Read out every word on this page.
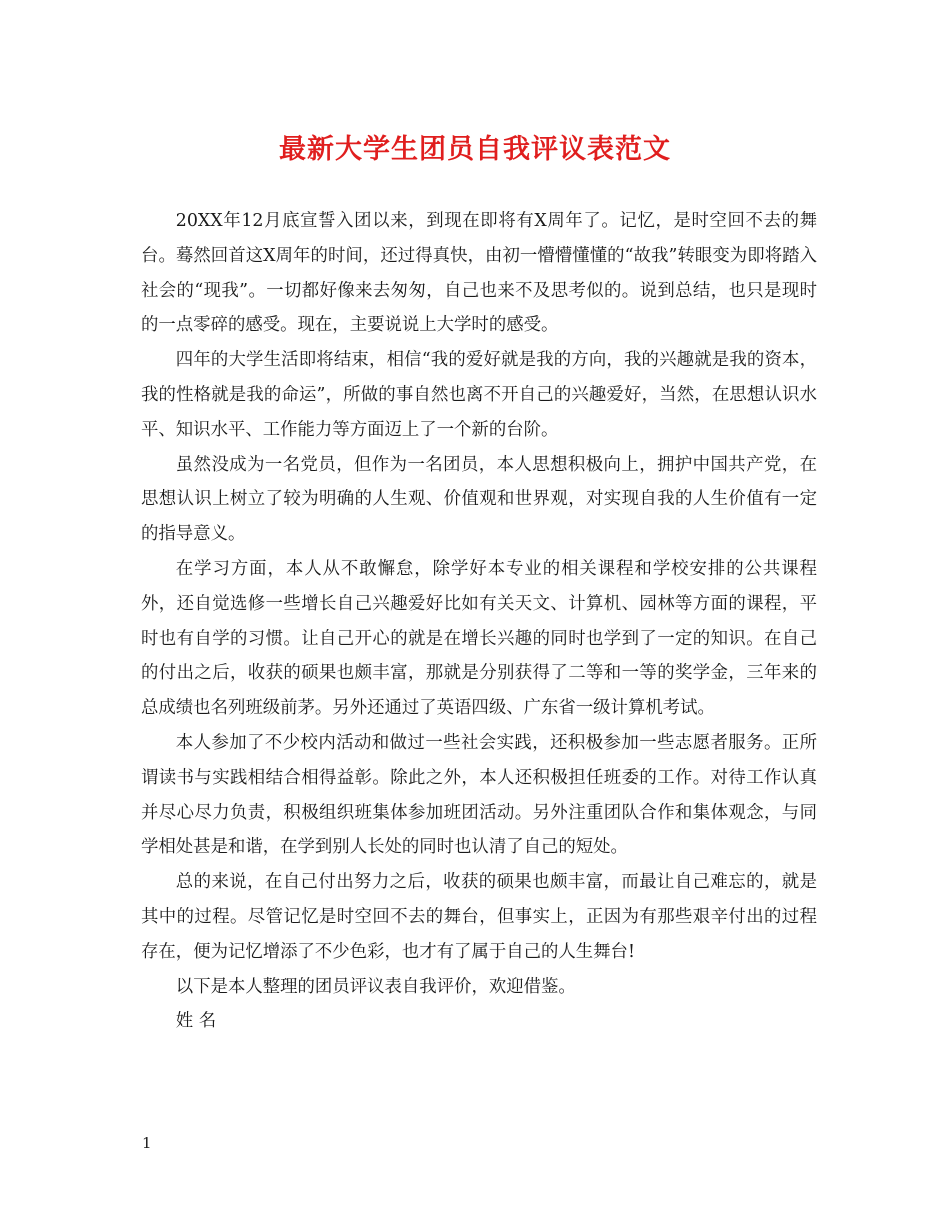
最新大学生团员自我评议表范文

20XX年12月底宣誓入团以来，到现在即将有X周年了。记忆，是时空回不去的舞台。蓦然回首这X周年的时间，还过得真快，由初一懵懵懂懂的“故我”转眼变为即将踏入社会的“现我”。一切都好像来去匆匆，自己也来不及思考似的。说到总结，也只是现时的一点零碎的感受。现在，主要说说上大学时的感受。

四年的大学生活即将结束，相信“我的爱好就是我的方向，我的兴趣就是我的资本，我的性格就是我的命运”，所做的事自然也离不开自己的兴趣爱好，当然，在思想认识水平、知识水平、工作能力等方面迈上了一个新的台阶。

虽然没成为一名党员，但作为一名团员，本人思想积极向上，拥护中国共产党，在思想认识上树立了较为明确的人生观、价值观和世界观，对实现自我的人生价值有一定的指导意义。

在学习方面，本人从不敢懈怠，除学好本专业的相关课程和学校安排的公共课程外，还自觉选修一些增长自己兴趣爱好比如有关天文、计算机、园林等方面的课程，平时也有自学的习惯。让自己开心的就是在增长兴趣的同时也学到了一定的知识。在自己的付出之后，收获的硕果也颇丰富，那就是分别获得了二等和一等的奖学金，三年来的总成绩也名列班级前茅。另外还通过了英语四级、广东省一级计算机考试。

本人参加了不少校内活动和做过一些社会实践，还积极参加一些志愿者服务。正所谓读书与实践相结合相得益彰。除此之外，本人还积极担任班委的工作。对待工作认真并尽心尽力负责，积极组织班集体参加班团活动。另外注重团队合作和集体观念，与同学相处甚是和谐，在学到别人长处的同时也认清了自己的短处。

总的来说，在自己付出努力之后，收获的硕果也颇丰富，而最让自己难忘的，就是其中的过程。尽管记忆是时空回不去的舞台，但事实上，正因为有那些艰辛付出的过程存在，便为记忆增添了不少色彩，也才有了属于自己的人生舞台!

以下是本人整理的团员评议表自我评价，欢迎借鉴。

姓 名

1
